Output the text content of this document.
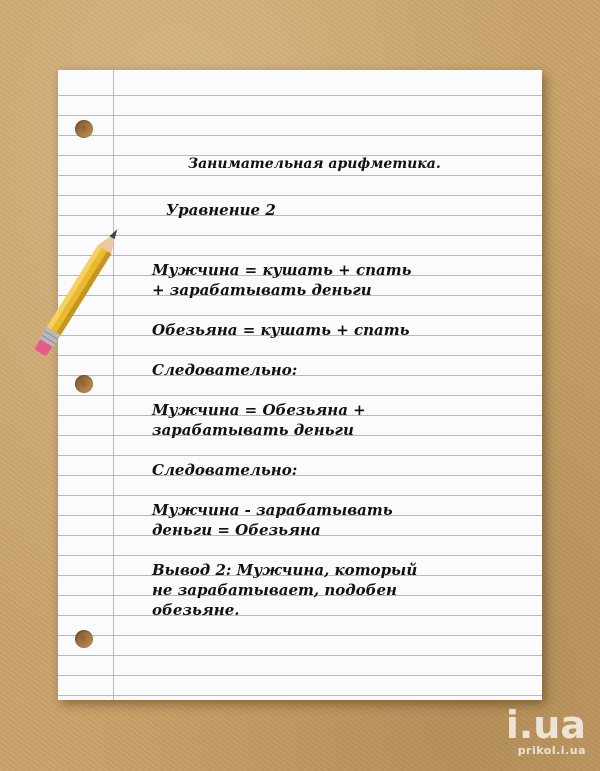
Занимательная арифметика.

Уравнение 2

Мужчина = кушать + спать + зарабатывать деньги

Обезьяна = кушать + спать

Следовательно:

Мужчина = Обезьяна + зарабатывать деньги

Следовательно:

Мужчина - зарабатывать деньги = Обезьяна

Вывод 2: Мужчина, который не зарабатывает, подобен обезьяне.

i.ua
prikol.i.ua
